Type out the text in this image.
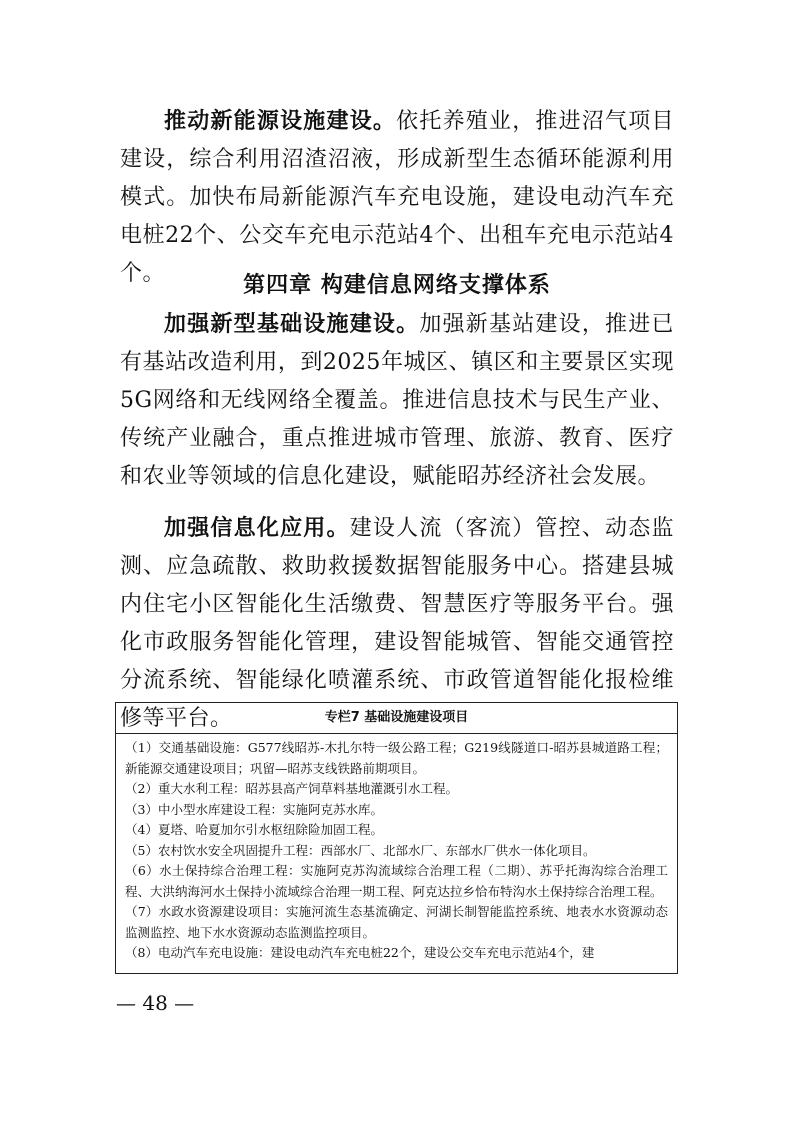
推动新能源设施建设。依托养殖业，推进沼气项目建设，综合利用沼渣沼液，形成新型生态循环能源利用模式。加快布局新能源汽车充电设施，建设电动汽车充电桩22个、公交车充电示范站4个、出租车充电示范站4个。	第四章 构建信息网络支撑体系

加强新型基础设施建设。加强新基站建设，推进已有基站改造利用，到2025年城区、镇区和主要景区实现5G网络和无线网络全覆盖。推进信息技术与民生产业、传统产业融合，重点推进城市管理、旅游、教育、医疗和农业等领域的信息化建设，赋能昭苏经济社会发展。

加强信息化应用。建设人流（客流）管控、动态监测、应急疏散、救助救援数据智能服务中心。搭建县城内住宅小区智能化生活缴费、智慧医疗等服务平台。强化市政服务智能化管理，建设智能城管、智能交通管控分流系统、智能绿化喷灌系统、市政管道智能化报检维修等平台。	专栏7 基础设施建设项目

（1）交通基础设施：G577线昭苏-木扎尔特一级公路工程；G219线隧道口-昭苏县城道路工程；新能源交通建设项目；巩留—昭苏支线铁路前期项目。

（2）重大水利工程：昭苏县高产饲草料基地灌溉引水工程。

（3）中小型水库建设工程：实施阿克苏水库。

（4）夏塔、哈夏加尔引水枢纽除险加固工程。

（5）农村饮水安全巩固提升工程：西部水厂、北部水厂、东部水厂供水一体化项目。

（6）水土保持综合治理工程：实施阿克苏沟流域综合治理工程（二期）、苏乎托海沟综合治理工程、大洪纳海河水土保持小流域综合治理一期工程、阿克达拉乡恰布特沟水土保持综合治理工程。

（7）水政水资源建设项目：实施河流生态基流确定、河湖长制智能监控系统、地表水水资源动态监测监控、地下水水资源动态监测监控项目。

（8）电动汽车充电设施：建设电动汽车充电桩22个，建设公交车充电示范站4个，建

— 48 —
